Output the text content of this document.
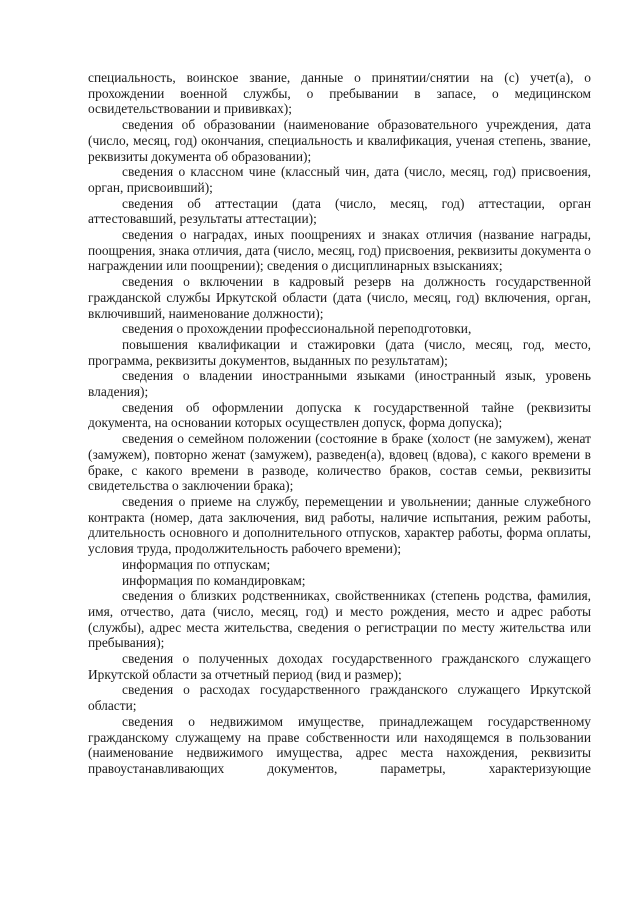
специальность, воинское звание, данные о принятии/снятии на (с) учет(а), о прохождении военной службы, о пребывании в запасе, о медицинском освидетельствовании и прививках);

сведения об образовании (наименование образовательного учреждения, дата (число, месяц, год) окончания, специальность и квалификация, ученая степень, звание, реквизиты документа об образовании);

сведения о классном чине (классный чин, дата (число, месяц, год) присвоения, орган, присвоивший);

сведения об аттестации (дата (число, месяц, год) аттестации, орган аттестовавший, результаты аттестации);

сведения о наградах, иных поощрениях и знаках отличия (название награды, поощрения, знака отличия, дата (число, месяц, год) присвоения, реквизиты документа о награждении или поощрении); сведения о дисциплинарных взысканиях;

сведения о включении в кадровый резерв на должность государственной гражданской службы Иркутской области (дата (число, месяц, год) включения, орган, включивший, наименование должности);

сведения о прохождении профессиональной переподготовки,

повышения квалификации и стажировки (дата (число, месяц, год, место, программа, реквизиты документов, выданных по результатам);

сведения о владении иностранными языками (иностранный язык, уровень владения);

сведения об оформлении допуска к государственной тайне (реквизиты документа, на основании которых осуществлен допуск, форма допуска);

сведения о семейном положении (состояние в браке (холост (не замужем), женат (замужем), повторно женат (замужем), разведен(а), вдовец (вдова), с какого времени в браке, с какого времени в разводе, количество браков, состав семьи, реквизиты свидетельства о заключении брака);

сведения о приеме на службу, перемещении и увольнении; данные служебного контракта (номер, дата заключения, вид работы, наличие испытания, режим работы, длительность основного и дополнительного отпусков, характер работы, форма оплаты, условия труда, продолжительность рабочего времени);

информация по отпускам;

информация по командировкам;

сведения о близких родственниках, свойственниках (степень родства, фамилия, имя, отчество, дата (число, месяц, год) и место рождения, место и адрес работы (службы), адрес места жительства, сведения о регистрации по месту жительства или пребывания);

сведения о полученных доходах государственного гражданского служащего Иркутской области за отчетный период (вид и размер);

сведения о расходах государственного гражданского служащего Иркутской области;

сведения о недвижимом имуществе, принадлежащем государственному гражданскому служащему на праве собственности или находящемся в пользовании (наименование недвижимого имущества, адрес места нахождения, реквизиты правоустанавливающих документов, параметры, характеризующие
